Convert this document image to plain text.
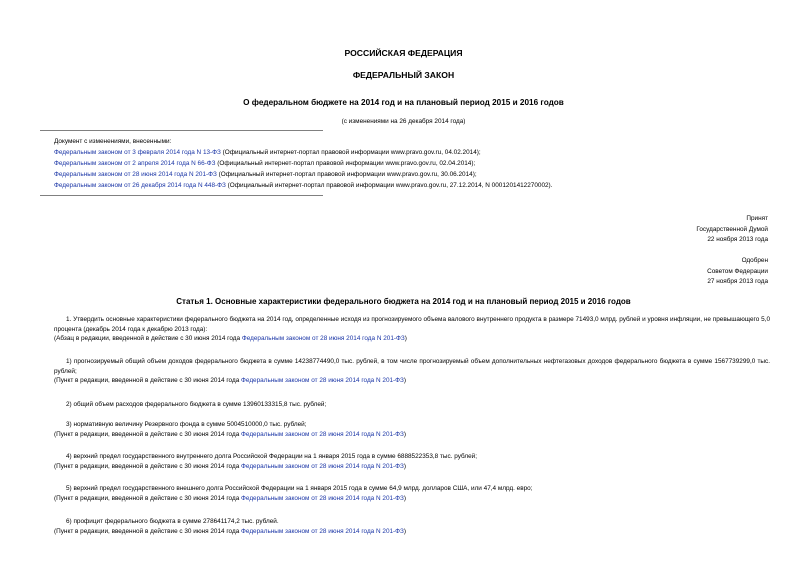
РОССИЙСКАЯ ФЕДЕРАЦИЯ
ФЕДЕРАЛЬНЫЙ ЗАКОН
О федеральном бюджете на 2014 год и на плановый период 2015 и 2016 годов
(с изменениями на 26 декабря 2014 года)
Документ с изменениями, внесенными:
Федеральным законом от 3 февраля 2014 года N 13-ФЗ (Официальный интернет-портал правовой информации www.pravo.gov.ru, 04.02.2014);
Федеральным законом от 2 апреля 2014 года N 66-ФЗ (Официальный интернет-портал правовой информации www.pravo.gov.ru, 02.04.2014);
Федеральным законом от 28 июня 2014 года N 201-ФЗ (Официальный интернет-портал правовой информации www.pravo.gov.ru, 30.06.2014);
Федеральным законом от 26 декабря 2014 года N 448-ФЗ (Официальный интернет-портал правовой информации www.pravo.gov.ru, 27.12.2014, N 0001201412270002).
Принят
Государственной Думой
22 ноября 2013 года
Одобрен
Советом Федерации
27 ноября 2013 года
Статья 1. Основные характеристики федерального бюджета на 2014 год и на плановый период 2015 и 2016 годов

1. Утвердить основные характеристики федерального бюджета на 2014 год, определенные исходя из прогнозируемого объема валового внутреннего продукта в размере 71493,0 млрд. рублей и уровня инфляции, не превышающего 5,0 процента (декабрь 2014 года к декабрю 2013 года):

(Абзац в редакции, введенной в действие с 30 июня 2014 года Федеральным законом от 28 июня 2014 года N 201-ФЗ)

1) прогнозируемый общий объем доходов федерального бюджета в сумме 14238774490,0 тыс. рублей, в том числе прогнозируемый объем дополнительных нефтегазовых доходов федерального бюджета в сумме 1567739299,0 тыс. рублей;

(Пункт в редакции, введенной в действие с 30 июня 2014 года Федеральным законом от 28 июня 2014 года N 201-ФЗ)

2) общий объем расходов федерального бюджета в сумме 13960133315,8 тыс. рублей;

3) нормативную величину Резервного фонда в сумме 5004510000,0 тыс. рублей;

(Пункт в редакции, введенной в действие с 30 июня 2014 года Федеральным законом от 28 июня 2014 года N 201-ФЗ)

4) верхний предел государственного внутреннего долга Российской Федерации на 1 января 2015 года в сумме 6888522353,8 тыс. рублей;

(Пункт в редакции, введенной в действие с 30 июня 2014 года Федеральным законом от 28 июня 2014 года N 201-ФЗ)

5) верхний предел государственного внешнего долга Российской Федерации на 1 января 2015 года в сумме 64,9 млрд. долларов США, или 47,4 млрд. евро;

(Пункт в редакции, введенной в действие с 30 июня 2014 года Федеральным законом от 28 июня 2014 года N 201-ФЗ)

6) профицит федерального бюджета в сумме 278641174,2 тыс. рублей.

(Пункт в редакции, введенной в действие с 30 июня 2014 года Федеральным законом от 28 июня 2014 года N 201-ФЗ)
